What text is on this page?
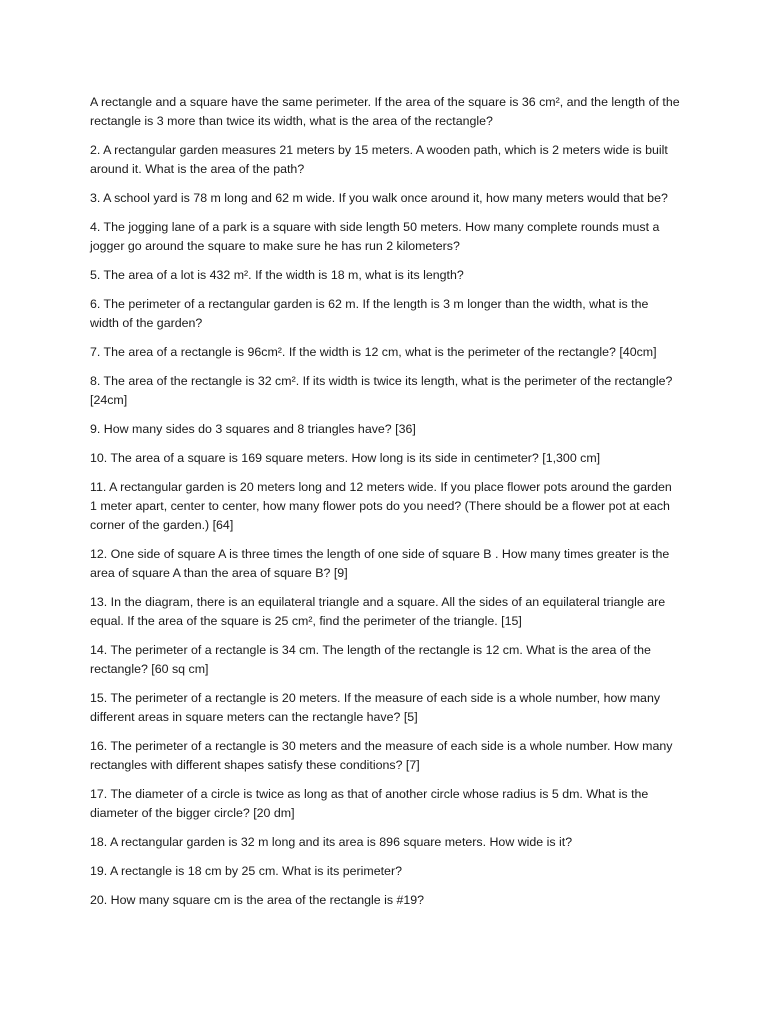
A rectangle and a square have the same perimeter. If the area of the square is 36 cm², and the length of the rectangle is 3 more than twice its width, what is the area of the rectangle?

2. A rectangular garden measures 21 meters by 15 meters. A wooden path, which is 2 meters wide is built around it. What is the area of the path?

3. A school yard is 78 m long and 62 m wide. If you walk once around it, how many meters would that be?

4. The jogging lane of a park is a square with side length 50 meters. How many complete rounds must a jogger go around the square to make sure he has run 2 kilometers?

5. The area of a lot is 432 m². If the width is 18 m, what is its length?

6. The perimeter of a rectangular garden is 62 m. If the length is 3 m longer than the width, what is the width of the garden?

7. The area of a rectangle is 96cm². If the width is 12 cm, what is the perimeter of the rectangle? [40cm]

8. The area of the rectangle is 32 cm². If its width is twice its length, what is the perimeter of the rectangle? [24cm]

9. How many sides do 3 squares and 8 triangles have? [36]

10. The area of a square is 169 square meters. How long is its side in centimeter? [1,300 cm]

11. A rectangular garden is 20 meters long and 12 meters wide. If you place flower pots around the garden 1 meter apart, center to center, how many flower pots do you need? (There should be a flower pot at each corner of the garden.) [64]

12. One side of square A is three times the length of one side of square B . How many times greater is the area of square A than the area of square B? [9]

13. In the diagram, there is an equilateral triangle and a square. All the sides of an equilateral triangle are equal. If the area of the square is 25 cm², find the perimeter of the triangle. [15]

14. The perimeter of a rectangle is 34 cm. The length of the rectangle is 12 cm. What is the area of the rectangle? [60 sq cm]

15. The perimeter of a rectangle is 20 meters. If the measure of each side is a whole number, how many different areas in square meters can the rectangle have? [5]

16. The perimeter of a rectangle is 30 meters and the measure of each side is a whole number. How many rectangles with different shapes satisfy these conditions? [7]

17. The diameter of a circle is twice as long as that of another circle whose radius is 5 dm. What is the diameter of the bigger circle? [20 dm]

18. A rectangular garden is 32 m long and its area is 896 square meters. How wide is it?

19. A rectangle is 18 cm by 25 cm. What is its perimeter?

20. How many square cm is the area of the rectangle is #19?
